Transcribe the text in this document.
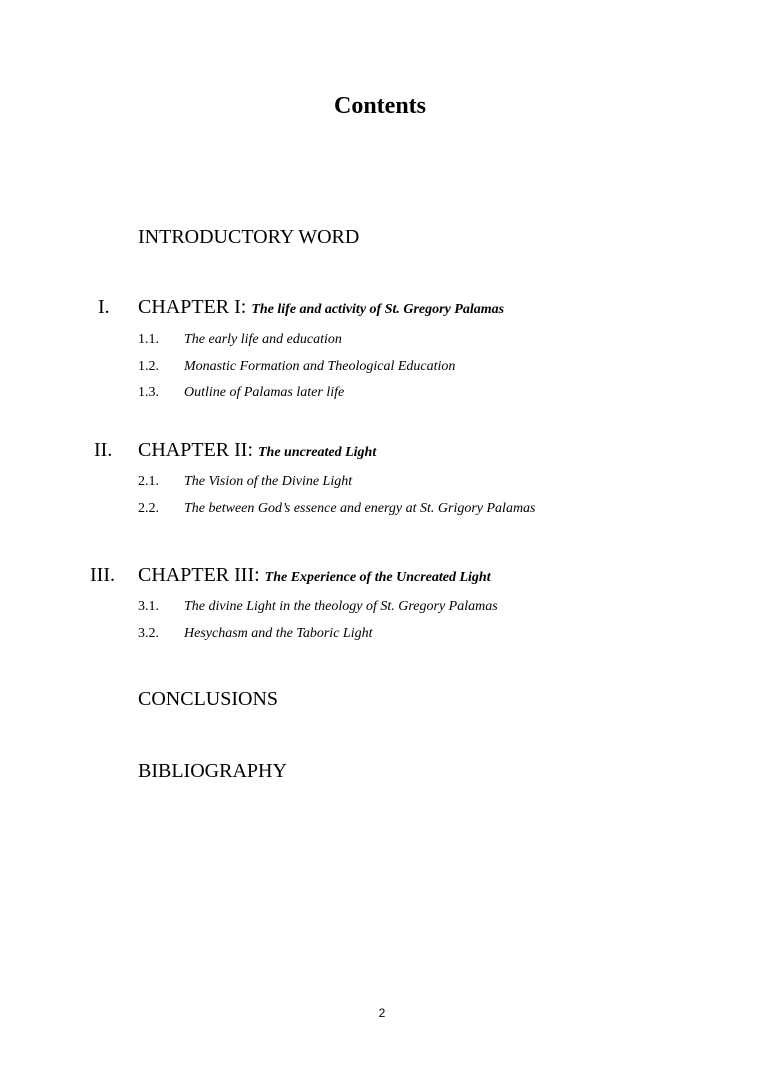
Contents
INTRODUCTORY WORD
I. CHAPTER I: The life and activity of St. Gregory Palamas
1.1. The early life and education
1.2. Monastic Formation and Theological Education
1.3. Outline of Palamas later life
II. CHAPTER II: The uncreated Light
2.1. The Vision of the Divine Light
2.2. The between God’s essence and energy at St. Grigory Palamas
III. CHAPTER III: The Experience of the Uncreated Light
3.1. The divine Light in the theology of St. Gregory Palamas
3.2. Hesychasm and the Taboric Light
CONCLUSIONS
BIBLIOGRAPHY
2
